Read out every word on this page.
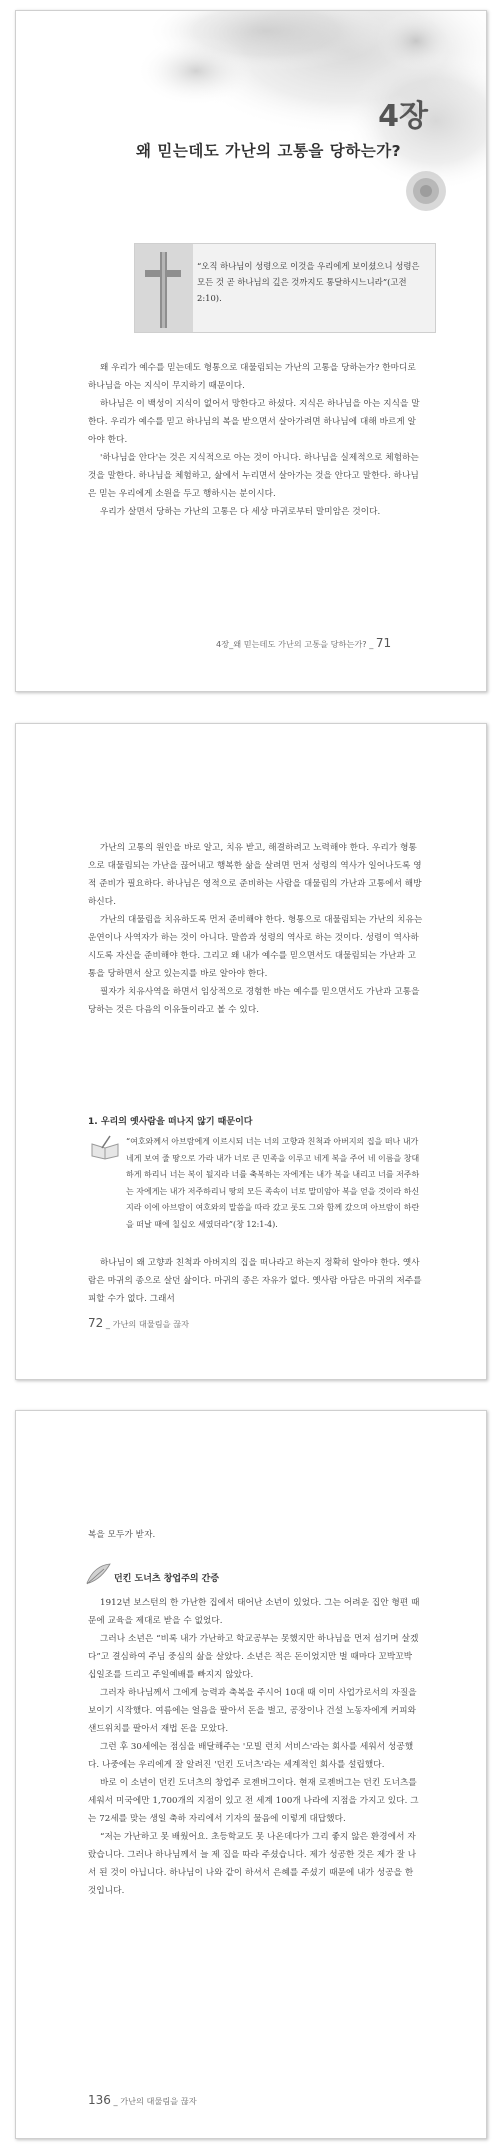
4장
왜 믿는데도 가난의 고통을 당하는가?
“오직 하나님이 성령으로 이것을 우리에게 보이셨으니 성령은 모든 것 곧 하나님의 깊은 것까지도 통달하시느니라”(고전 2:10).

왜 우리가 예수를 믿는데도 형통으로 대물림되는 가난의 고통을 당하는가? 한마디로 하나님을 아는 지식이 무지하기 때문이다.

하나님은 이 백성이 지식이 없어서 망한다고 하셨다. 지식은 하나님을 아는 지식을 말한다. 우리가 예수를 믿고 하나님의 복을 받으면서 살아가려면 하나님에 대해 바르게 알아야 한다.

'하나님을 안다'는 것은 지식적으로 아는 것이 아니다. 하나님을 실제적으로 체험하는 것을 말한다. 하나님을 체험하고, 삶에서 누리면서 살아가는 것을 안다고 말한다. 하나님은 믿는 우리에게 소원을 두고 행하시는 분이시다.

우리가 살면서 당하는 가난의 고통은 다 세상 마귀로부터 말미암은 것이다.

4장_왜 믿는데도 가난의 고통을 당하는가? _ 71

가난의 고통의 원인을 바로 알고, 치유 받고, 해결하려고 노력해야 한다. 우리가 형통으로 대물림되는 가난을 끊어내고 행복한 삶을 살려면 먼저 성령의 역사가 일어나도록 영적 준비가 필요하다. 하나님은 영적으로 준비하는 사람을 대물림의 가난과 고통에서 해방하신다.

가난의 대물림을 치유하도록 먼저 준비해야 한다. 형통으로 대물림되는 가난의 치유는 운연이나 사역자가 하는 것이 아니다. 말씀과 성령의 역사로 하는 것이다. 성령이 역사하시도록 자신을 준비해야 한다. 그리고 왜 내가 예수를 믿으면서도 대물림되는 가난과 고통을 당하면서 살고 있는지를 바로 알아야 한다.

필자가 치유사역을 하면서 임상적으로 경험한 바는 예수를 믿으면서도 가난과 고통을 당하는 것은 다음의 이유들이라고 볼 수 있다.

1. 우리의 옛사람을 떠나지 않기 때문이다
“여호와께서 아브람에게 이르시되 너는 너의 고향과 친척과 아버지의 집을 떠나 내가 네게 보여 줄 땅으로 가라 내가 너로 큰 민족을 이루고 네게 복을 주어 네 이름을 창대하게 하리니 너는 복이 될지라 너를 축복하는 자에게는 내가 복을 내리고 너를 저주하는 자에게는 내가 저주하리니 땅의 모든 족속이 너로 말미암아 복을 얻을 것이라 하신지라 이에 아브람이 여호와의 말씀을 따라 갔고 롯도 그와 함께 갔으며 아브람이 하란을 떠날 때에 칠십오 세였더라”(창 12:1-4).

하나님이 왜 고향과 친척과 아버지의 집을 떠나라고 하는지 정확히 알아야 한다. 옛사람은 마귀의 종으로 살던 삶이다. 마귀의 종은 자유가 없다. 옛사람 아담은 마귀의 저주를 피할 수가 없다. 그래서

72 _ 가난의 대물림을 끊자

복을 모두가 받자.

던킨 도너츠 창업주의 간증

1912년 보스턴의 한 가난한 집에서 태어난 소년이 있었다. 그는 어려운 집안 형편 때문에 교육을 제대로 받을 수 없었다.

그러나 소년은 “비록 내가 가난하고 학교공부는 못했지만 하나님을 먼저 섬기며 살겠다”고 결심하여 주님 중심의 삶을 살았다. 소년은 적은 돈이었지만 벌 때마다 꼬박꼬박 십일조를 드리고 주일예배를 빠지지 않았다.

그러자 하나님께서 그에게 능력과 축복을 주시어 10대 때 이미 사업가로서의 자질을 보이기 시작했다. 여름에는 얼음을 팔아서 돈을 벌고, 공장이나 건설 노동자에게 커피와 샌드위치를 팔아서 재법 돈을 모았다.

그런 후 30세에는 점심을 배달해주는 '모빌 런치 서비스'라는 회사를 세워서 성공했다. 나중에는 우리에게 잘 알려진 '던킨 도너츠'라는 세계적인 회사를 설립했다.

바로 이 소년이 던킨 도너츠의 창업주 로젠버그이다. 현재 로젠버그는 던킨 도너츠를 세워서 미국에만 1,700개의 지점이 있고 전 세계 100개 나라에 지점을 가지고 있다. 그는 72세를 맞는 생일 축하 자리에서 기자의 물음에 이렇게 대답했다.

“저는 가난하고 못 배웠어요. 초등학교도 못 나온데다가 그리 좋지 않은 환경에서 자랐습니다. 그러나 하나님께서 늘 제 집을 따라 주셨습니다. 제가 성공한 것은 제가 잘 나서 된 것이 아닙니다. 하나님이 나와 같이 하셔서 은혜를 주셨기 때문에 내가 성공을 한 것입니다.

136 _ 가난의 대물림을 끊자
